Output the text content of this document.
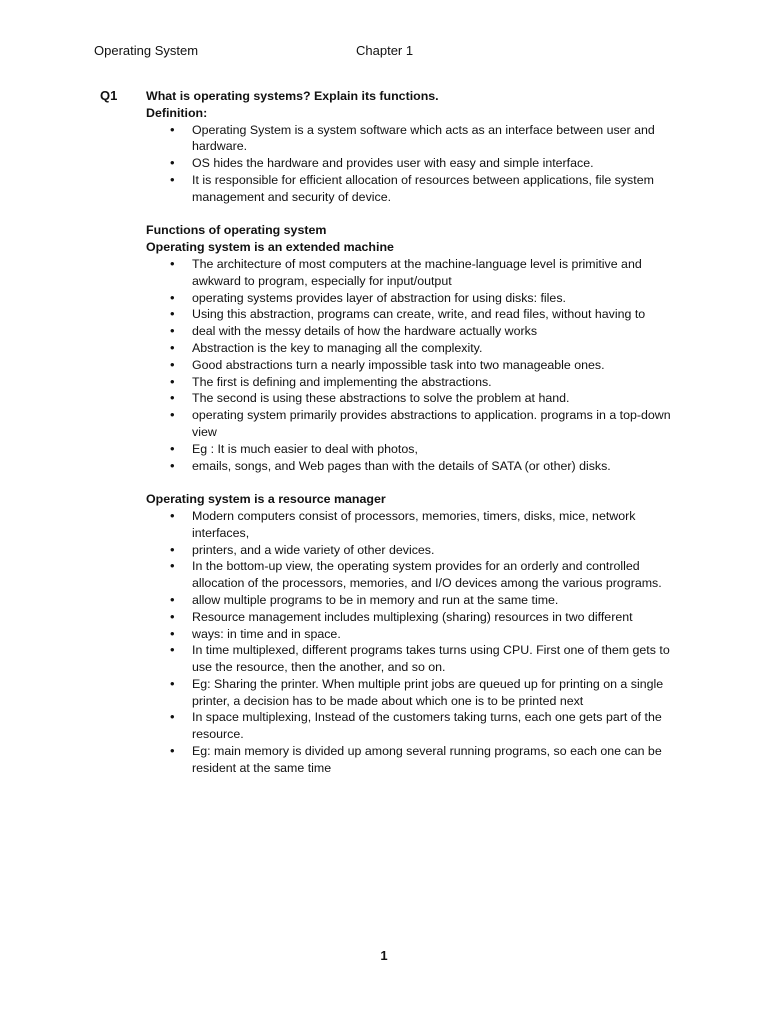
Operating System	Chapter 1
Q1 What is operating systems? Explain its functions.
Definition:
• Operating System is a system software which acts as an interface between user and hardware.
• OS hides the hardware and provides user with easy and simple interface.
• It is responsible for efficient allocation of resources between applications, file system management and security of device.
Functions of operating system
Operating system is an extended machine
• The architecture of most computers at the machine-language level is primitive and awkward to program, especially for input/output
• operating systems provides layer of abstraction for using disks: files.
• Using this abstraction, programs can create, write, and read files, without having to
• deal with the messy details of how the hardware actually works
• Abstraction is the key to managing all the complexity.
• Good abstractions turn a nearly impossible task into two manageable ones.
• The first is defining and implementing the abstractions.
• The second is using these abstractions to solve the problem at hand.
• operating system primarily provides abstractions to application. programs in a top-down view
• Eg : It is much easier to deal with photos,
• emails, songs, and Web pages than with the details of SATA (or other) disks.
Operating system is a resource manager
• Modern computers consist of processors, memories, timers, disks, mice, network interfaces,
• printers, and a wide variety of other devices.
• In the bottom-up view, the operating system provides for an orderly and controlled allocation of the processors, memories, and I/O devices among the various programs.
• allow multiple programs to be in memory and run at the same time.
• Resource management includes multiplexing (sharing) resources in two different
• ways: in time and in space.
• In time multiplexed, different programs takes turns using CPU. First one of them gets to use the resource, then the another, and so on.
• Eg: Sharing the printer. When multiple print jobs are queued up for printing on a single printer, a decision has to be made about which one is to be printed next
• In space multiplexing, Instead of the customers taking turns, each one gets part of the resource.
• Eg: main memory is divided up among several running programs, so each one can be resident at the same time
1
